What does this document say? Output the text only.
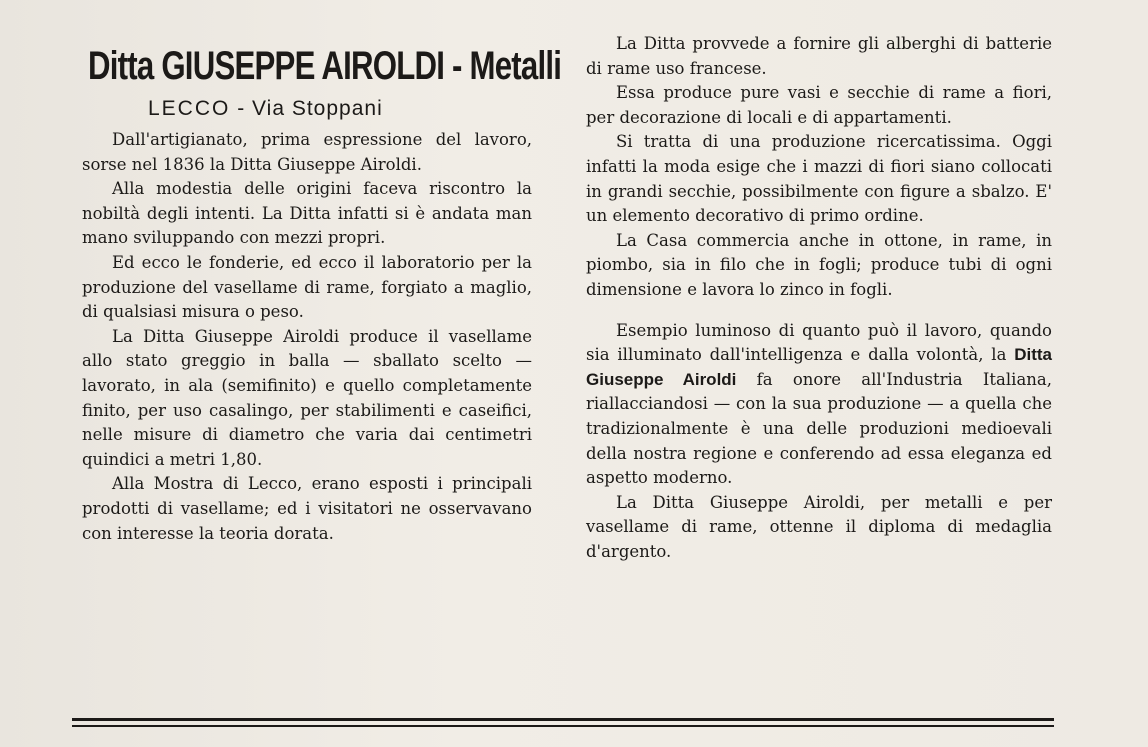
Ditta GIUSEPPE AIROLDI - Metalli
LECCO - Via Stoppani

Dall'artigianato, prima espressione del lavoro, sorse nel 1836 la Ditta Giuseppe Airoldi.

Alla modestia delle origini faceva riscontro la nobiltà degli intenti. La Ditta infatti si è andata man mano sviluppando con mezzi propri.

Ed ecco le fonderie, ed ecco il laboratorio per la produzione del vasellame di rame, forgiato a maglio, di qualsiasi misura o peso.

La Ditta Giuseppe Airoldi produce il vasellame allo stato greggio in balla — sballato scelto — lavorato, in ala (semifinito) e quello completamente finito, per uso casalingo, per stabilimenti e caseifici, nelle misure di diametro che varia dai centimetri quindici a metri 1,80.

Alla Mostra di Lecco, erano esposti i principali prodotti di vasellame; ed i visitatori ne osservavano con interesse la teoria dorata.

La Ditta provvede a fornire gli alberghi di batterie di rame uso francese.

Essa produce pure vasi e secchie di rame a fiori, per decorazione di locali e di appartamenti.

Si tratta di una produzione ricercatissima. Oggi infatti la moda esige che i mazzi di fiori siano collocati in grandi secchie, possibilmente con figure a sbalzo. E' un elemento decorativo di primo ordine.

La Casa commercia anche in ottone, in rame, in piombo, sia in filo che in fogli; produce tubi di ogni dimensione e lavora lo zinco in fogli.

Esempio luminoso di quanto può il lavoro, quando sia illuminato dall'intelligenza e dalla volontà, la Ditta Giuseppe Airoldi fa onore all'Industria Italiana, riallacciandosi — con la sua produzione — a quella che tradizionalmente è una delle produzioni medioevali della nostra regione e conferendo ad essa eleganza ed aspetto moderno.

La Ditta Giuseppe Airoldi, per metalli e per vasellame di rame, ottenne il diploma di medaglia d'argento.
